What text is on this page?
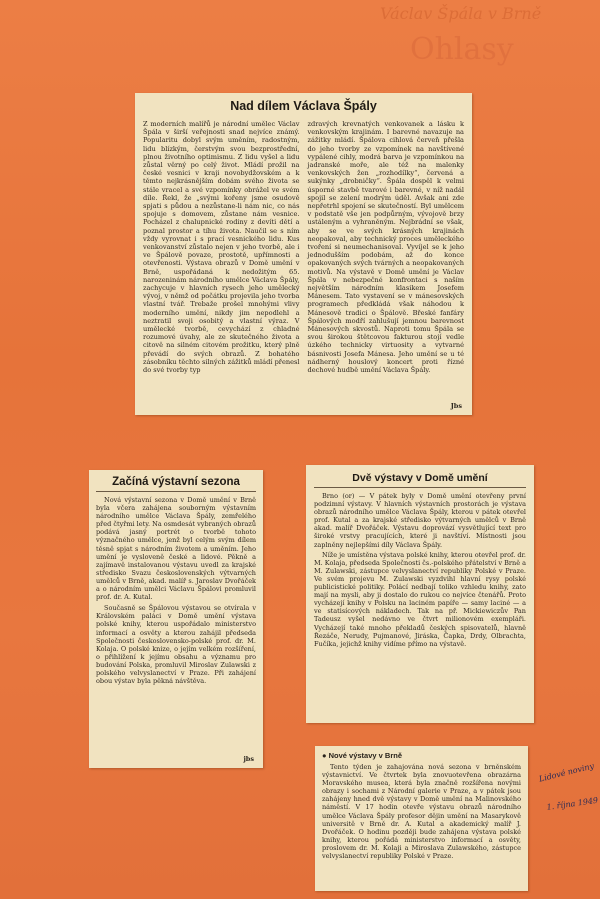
Václav Špála v Brně
Ohlasy
Nad dílem Václava Špály
Z moderních malířů je národní umělec Václav Špála v širší veřejnosti snad nejvíce známý. Popularitu dobyl svým uměním, radostným, lidu blízkým, čerstvým svou bezprostřední, plnou životního optimismu. Z lidu vyšel a lidu zůstal věrný po celý život. Mládí prožil na české vesnici v kraji novobydžovském a k těmto nejkrásnějším dobám svého života se stále vracel a své vzpomínky obrážel ve svém díle. Řekl, že „svými kořeny jsme osudově spjati s půdou a nezůstane-li nám nic, co nás spojuje s domovem, zůstane nám vesnice. Pocházel z chalupnické rodiny z devíti dětí a poznal prostor a tíhu života. Naučil se s ním vždy vyrovnat i s prací vesnického lidu. Kus venkovanství zůstalo nejen v jeho tvorbě, ale i ve Špálově povaze, prostotě, upřímnosti a otevřenosti. Výstava obrazů v Domě umění v Brně, uspořádaná k nedožitým 65. narozeninám národního umělce Václava Špály, zachycuje v hlavních rysech jeho umělecký vývoj, v němž od počátku projevila jeho tvorba vlastní tvář. Trebaže prošel mnohými vlivy moderního umění, nikdy jim nepodlehl a neztratil svoji osobitý a vlastní výraz. V umělecké tvorbě, cevychází z chladné rozumové úvahy, ale ze skutečného života a citově na silném citovém prožitku, který plně převádí do svých obrazů. Z bohatého zásobníku těchto silných zážitků mládí přenesl do své tvorby typ
zdravých krevnatých venkovanek a lásku k venkovským krajinám. I barevné navazuje na zážitky mládí. Špálova cihlová červeň přešla do jeho tvorby ze vzpomínek na navštívené vypálené cihly, modrá barva je vzpomínkou na jadranské moře, ale též na malenky venkovských žen „rozhodílky“, červená a sukýnky „drobničky“. Špála dospěl k velmi úsporné stavbě tvarové i barevné, v níž nadál spojil se zelení modrým úděl. Avšak ani zde nepřetrhl spojení se skutečností. Byl umělcem v podstatě vše jen podpůrným, vývojově brzy ustáleným a vyhraněným. Nejbrádní se však, aby se ve svých krásných krajinách neopakoval, aby technický proces uměleckého tvoření si neumechanisoval. Vyvíjel se k jeho jednodušším podobám, až do konce opakovaných svých tvárných a neopakovaných motivů. Na výstavě v Domě umění je Václav Špála v nebezpečné konfrontaci s naším největším národním klasikem Josefem Mánesem. Tato vystavení se v mánesovských programech předkládá však náhodou k Mánesově tradici o Špálově. Břeské fanfáry Špálových modří zahlušují jemnou barevnost Mánesových skvostů. Naproti tomu Špála se svou širokou štětcovou fakturou stojí vedle úzkého technicky virtuosity a vytvarné básnivosti Josefa Mánesa. Jeho umění se u té nádherný houslový koncert proti řízné dechové hudbě umění Václava Špály.
Jbs
Začíná výstavní sezona
Nová výstavní sezona v Domě umění v Brně byla včera zahájena souborným výstavním národního umělce Václava Špály, zemřelého před čtyřmi lety. Na osmdesát vybraných obrazů podává jasný portrét o tvorbě tohoto význačného umělce, jenž byl celým svým dílem těsně spjat s národním životem a uměním. Jeho umění je vysloveně české a lidové. Pěkně a zajímavě instalovanou výstavu uvedl za krajské středisko Svazu československých výtvarných umělců v Brně, akad. malíř s. Jaroslav Dvořáček a o národním umělci Václavu Špálovi promluvil prof. dr. A. Kutal.
Současně se Špálovou výstavou se otvírala v Královském paláci v Domě umění výstava polské knihy, kterou uspořádalo ministerstvo informací a osvěty a kterou zahájil předseda Společnosti československo-polské prof. dr. M. Kolaja. O polské knize, o jejím velkém rozšíření, o přihlížení k jejímu obsahu a významu pro budování Polska, promluvil Miroslav Zulawski z polského velvyslanectví v Praze. Při zahájení obou výstav byla pěkná návštěva.
jbs
Dvě výstavy v Domě umění
Brno (or) — V pátek byly v Domě umění otevřeny první podzimní výstavy. V hlavních výstavních prostorách je výstava obrazů národního umělce Václava Špály, kterou v pátek otevřel prof. Kutal a za krajské středisko výtvarných umělců v Brně akad. malíř Dvořáček. Výstavu doprovází vysvětlující text pro široké vrstvy pracujících, které ji navštíví. Místnosti jsou zaplněny nejlepšími díly Václava Špály.
Níže je umístěna výstava polské knihy, kterou otevřel prof. dr. M. Kolaja, předseda Společnosti čs.-polského přátelství v Brně a M. Zulawski, zástupce velvyslanectví republiky Polské v Praze. Ve svém projevu M. Zulawski vyzdvihl hlavní rysy polské publicistické politiky. Polácí nedbají toliko vzhledu knihy, zato mají na mysli, aby ji dostalo do rukou co nejvíce čtenářů. Proto vycházejí knihy v Polsku na laciném papíře — samy laciné — a ve statisícových nákladech. Tak na př. Mickiewiczův Pan Tadeusz vyšel nedávno ve čtvrt milionovém exempláři. Vycházejí také mnoho překladů českých spisovatelů, hlavně Řezáče, Nerudy, Pujmanové, Jiráska, Čapka, Drdy, Olbrachta, Fučíka, jejichž knihy vidíme přímo na výstavě.
● Nové výstavy v Brně
Tento týden je zahajována nová sezona v brněnském výstavnictví. Ve čtvrtek byla znovuotevřena obrazárna Moravského musea, která byla značně rozšířena novými obrazy i sochami z Národní galerie v Praze, a v pátek jsou zahájeny hned dvě výstavy v Domě umění na Malinovského náměstí. V 17 hodin otevře výstavu obrazů národního umělce Václava Špály profesor dějin umění na Masarykově universitě v Brně dr. A. Kutal a akademický malíř J. Dvořáček. O hodinu později bude zahájena výstava polské knihy, kterou pořádá ministerstvo informací a osvěty, proslovem dr. M. Kolaji a Miroslava Zulawského, zástupce velvyslanectví republiky Polské v Praze.
Lidové noviny
1. října 1949
